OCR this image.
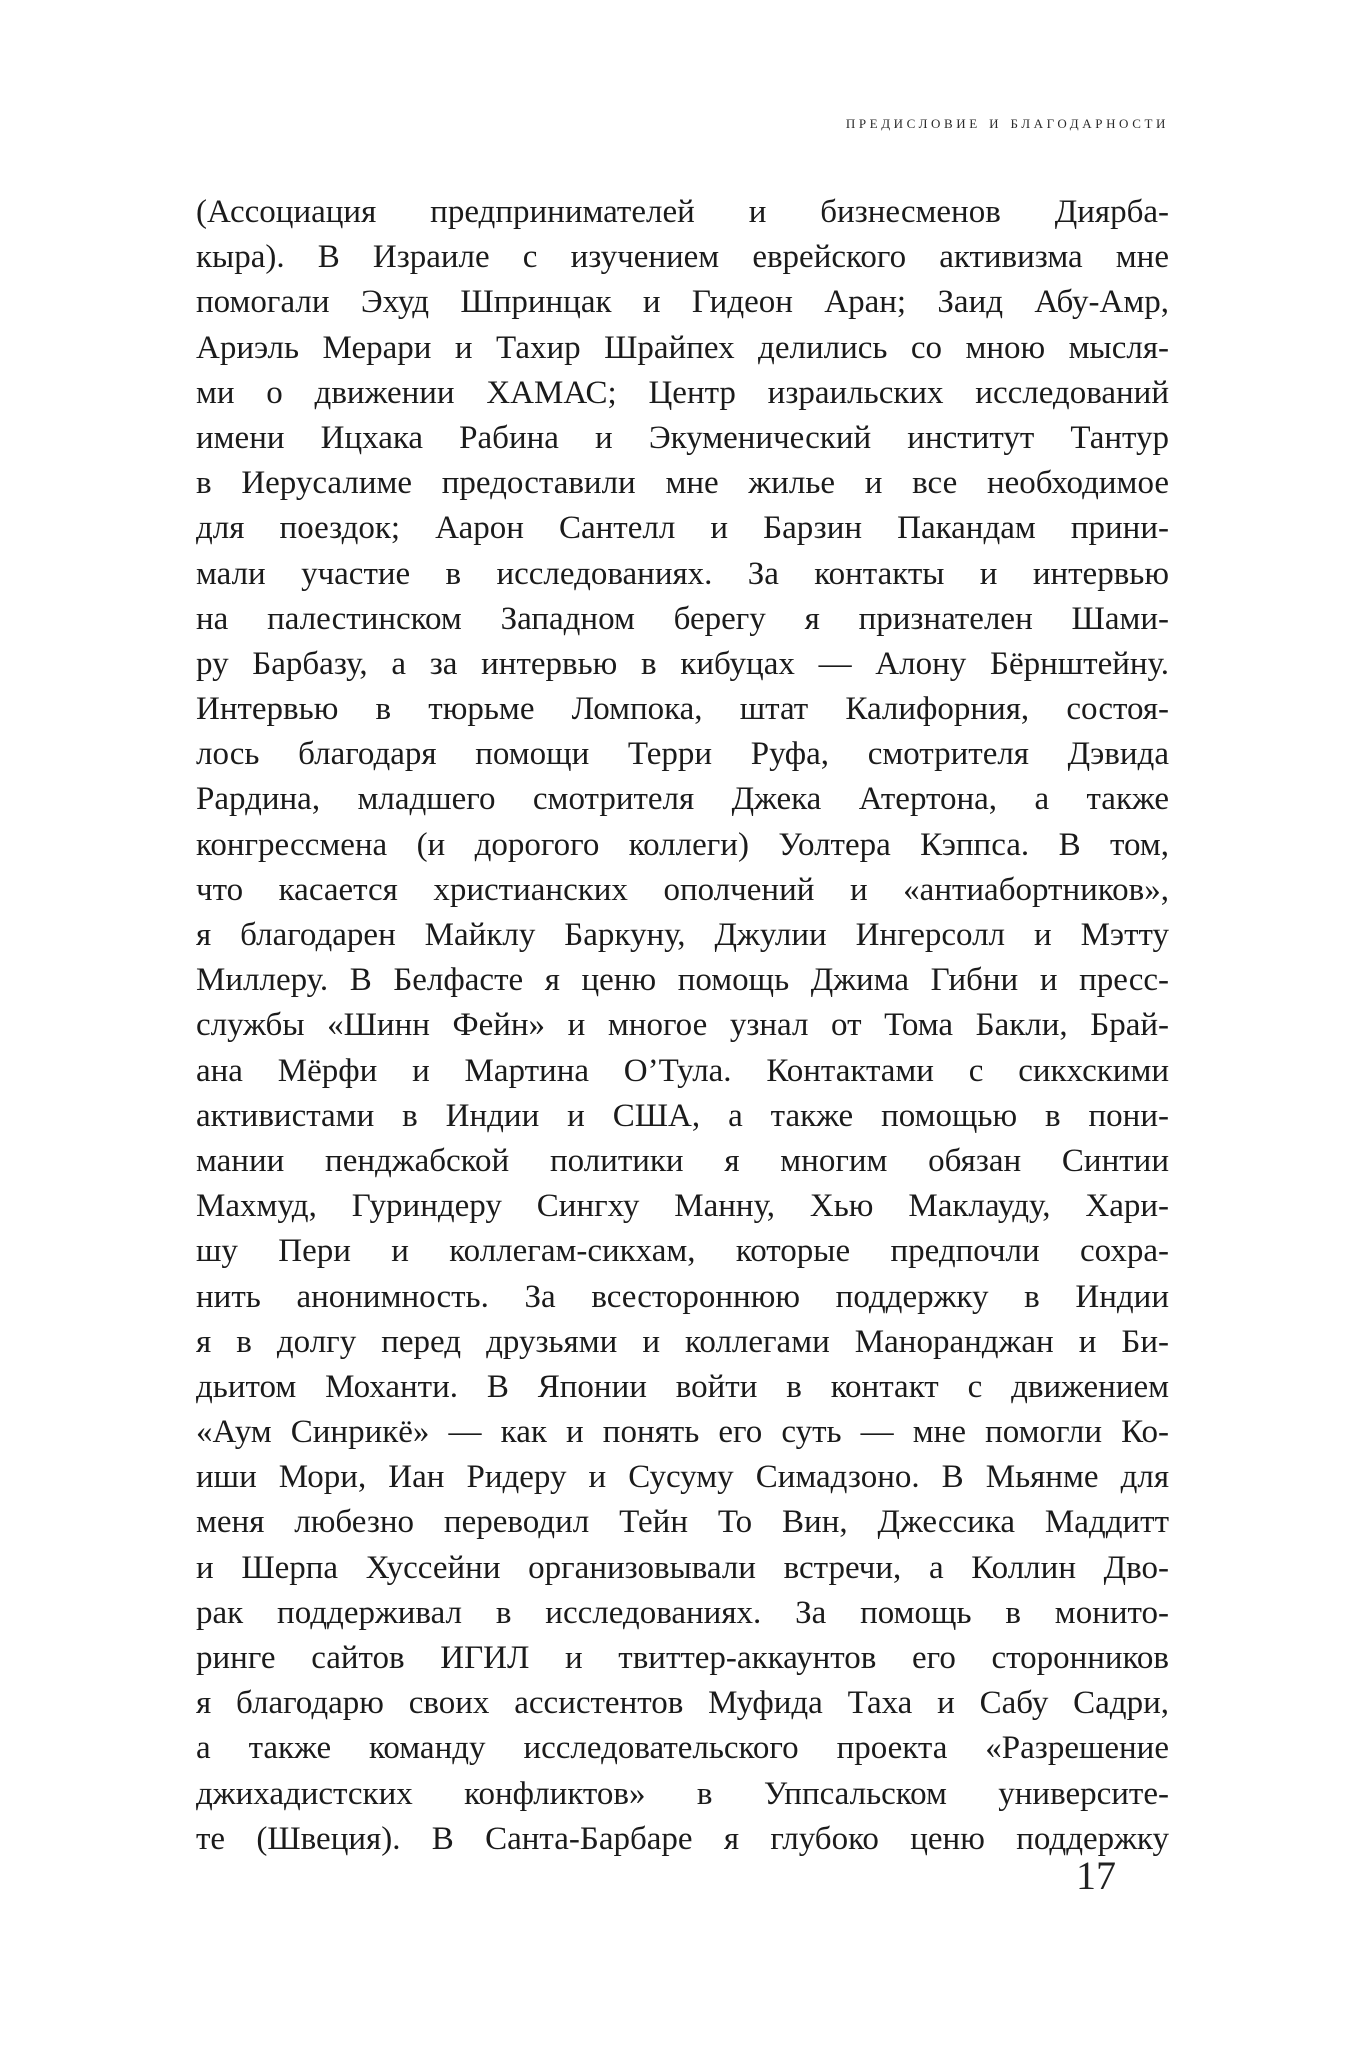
предисловие и благодарности
(Ассоциация предпринимателей и бизнесменов Диярба-
кыра). В Израиле с изучением еврейского активизма мне
помогали Эхуд Шпринцак и Гидеон Аран; Заид Абу-Амр,
Ариэль Мерари и Тахир Шрайпех делились со мною мысля-
ми о движении ХАМАС; Центр израильских исследований
имени Ицхака Рабина и Экуменический институт Тантур
в Иерусалиме предоставили мне жилье и все необходимое
для поездок; Аарон Сантелл и Барзин Пакандам прини-
мали участие в исследованиях. За контакты и интервью
на палестинском Западном берегу я признателен Шами-
ру Барбазу, а за интервью в кибуцах — Алону Бёрнштейну.
Интервью в тюрьме Ломпока, штат Калифорния, состоя-
лось благодаря помощи Терри Руфа, смотрителя Дэвида
Рардина, младшего смотрителя Джека Атертона, а также
конгрессмена (и дорогого коллеги) Уолтера Кэппса. В том,
что касается христианских ополчений и «антиабортников»,
я благодарен Майклу Баркуну, Джулии Ингерсолл и Мэтту
Миллеру. В Белфасте я ценю помощь Джима Гибни и пресс-
службы «Шинн Фейн» и многое узнал от Тома Бакли, Брай-
ана Мёрфи и Мартина О’Тула. Контактами с сикхскими
активистами в Индии и США, а также помощью в пони-
мании пенджабской политики я многим обязан Синтии
Махмуд, Гуриндеру Сингху Манну, Хью Маклауду, Хари-
шу Пери и коллегам-сикхам, которые предпочли сохра-
нить анонимность. За всестороннюю поддержку в Индии
я в долгу перед друзьями и коллегами Маноранджан и Би-
дьитом Моханти. В Японии войти в контакт с движением
«Аум Синрикё» — как и понять его суть — мне помогли Ко-
иши Мори, Иан Ридеру и Сусуму Симадзоно. В Мьянме для
меня любезно переводил Тейн То Вин, Джессика Маддитт
и Шерпа Хуссейни организовывали встречи, а Коллин Дво-
рак поддерживал в исследованиях. За помощь в монито-
ринге сайтов ИГИЛ и твиттер-аккаунтов его сторонников
я благодарю своих ассистентов Муфида Таха и Сабу Садри,
а также команду исследовательского проекта «Разрешение
джихадистских конфликтов» в Уппсальском университе-
те (Швеция). В Санта-Барбаре я глубоко ценю поддержку
17
